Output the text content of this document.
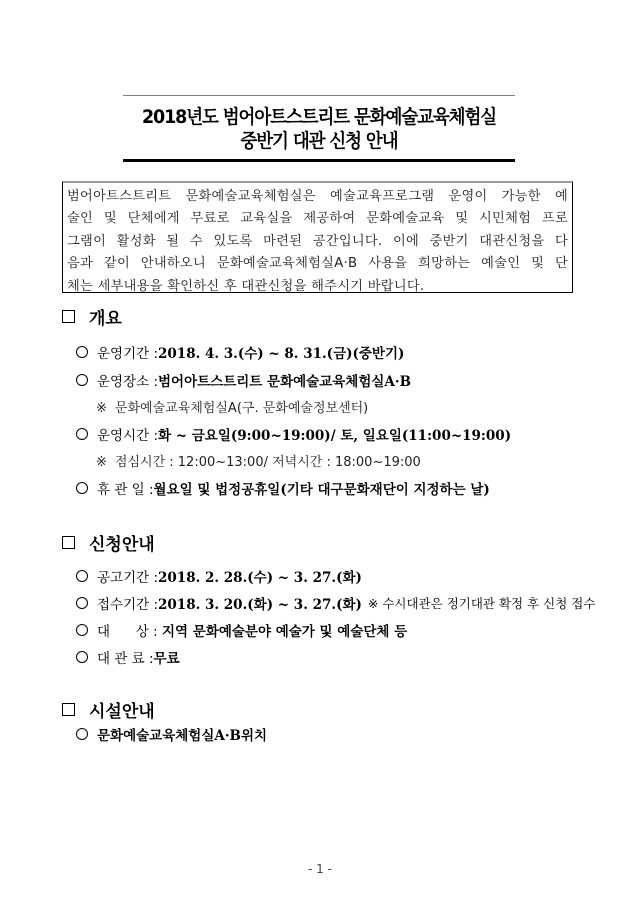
2018년도 범어아트스트리트 문화예술교육체험실
중반기 대관 신청 안내
범어아트스트리트 문화예술교육체험실은 예술교육프로그램 운영이 가능한 예
술인 및 단체에게 무료로 교육실을 제공하여 문화예술교육 및 시민체험 프로
그램이 활성화 될 수 있도록 마련된 공간입니다. 이에 중반기 대관신청을 다
음과 같이 안내하오니 문화예술교육체험실A·B 사용을 희망하는 예술인 및 단
체는 세부내용을 확인하신 후 대관신청을 해주시기 바랍니다.
개요
운영기간 : 2018. 4. 3.(수) ~ 8. 31.(금)(중반기)
운영장소 : 범어아트스트리트 문화예술교육체험실A·B
※ 문화예술교육체험실A(구. 문화예술정보센터)
운영시간 : 화 ~ 금요일(9:00~19:00)/ 토, 일요일(11:00~19:00)
※ 점심시간 : 12:00~13:00/ 저녁시간 : 18:00~19:00
휴 관 일 : 월요일 및 법정공휴일(기타 대구문화재단이 지정하는 날)
신청안내
공고기간 : 2018. 2. 28.(수) ~ 3. 27.(화)
접수기간 : 2018. 3. 20.(화) ~ 3. 27.(화) ※ 수시대관은 정기대관 확정 후 신청 접수
대      상 : 지역 문화예술분야 예술가 및 예술단체 등
대 관 료 : 무료
시설안내
문화예술교육체험실A·B위치
- 1 -
